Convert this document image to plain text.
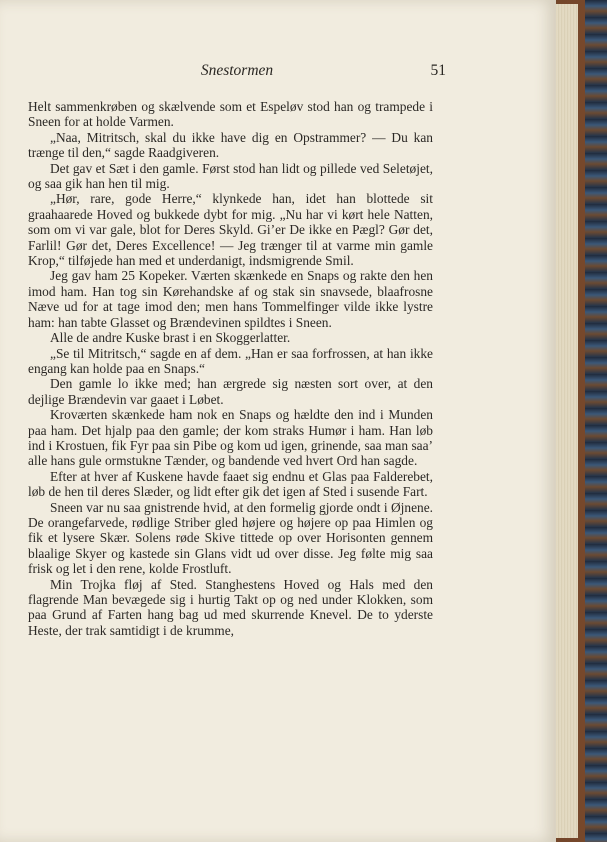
Snestormen	51

Helt sammenkrøben og skælvende som et Espeløv stod han og trampede i Sneen for at holde Varmen.

„Naa, Mitritsch, skal du ikke have dig en Opstrammer? — Du kan trænge til den,“ sagde Raadgiveren.

Det gav et Sæt i den gamle. Først stod han lidt og pillede ved Seletøjet, og saa gik han hen til mig.

„Hør, rare, gode Herre,“ klynkede han, idet han blottede sit graahaarede Hoved og bukkede dybt for mig. „Nu har vi kørt hele Natten, som om vi var gale, blot for Deres Skyld. Gi’er De ikke en Pægl? Gør det, Farlil! Gør det, Deres Excellence! — Jeg trænger til at varme min gamle Krop,“ tilføjede han med et underdanigt, indsmigrende Smil.

Jeg gav ham 25 Kopeker. Værten skænkede en Snaps og rakte den hen imod ham. Han tog sin Kørehandske af og stak sin snavsede, blaafrosne Næve ud for at tage imod den; men hans Tommelfinger vilde ikke lystre ham: han tabte Glasset og Brændevinen spildtes i Sneen.

Alle de andre Kuske brast i en Skoggerlatter.

„Se til Mitritsch,“ sagde en af dem. „Han er saa forfrossen, at han ikke engang kan holde paa en Snaps.“

Den gamle lo ikke med; han ærgrede sig næsten sort over, at den dejlige Brændevin var gaaet i Løbet.

Kroværten skænkede ham nok en Snaps og hældte den ind i Munden paa ham. Det hjalp paa den gamle; der kom straks Humør i ham. Han løb ind i Krostuen, fik Fyr paa sin Pibe og kom ud igen, grinende, saa man saa’ alle hans gule ormstukne Tænder, og bandende ved hvert Ord han sagde.

Efter at hver af Kuskene havde faaet sig endnu et Glas paa Falderebet, løb de hen til deres Slæder, og lidt efter gik det igen af Sted i susende Fart.

Sneen var nu saa gnistrende hvid, at den formelig gjorde ondt i Øjnene. De orangefarvede, rødlige Striber gled højere og højere op paa Himlen og fik et lysere Skær. Solens røde Skive tittede op over Horisonten gennem blaalige Skyer og kastede sin Glans vidt ud over disse. Jeg følte mig saa frisk og let i den rene, kolde Frostluft.

Min Trojka fløj af Sted. Stanghestens Hoved og Hals med den flagrende Man bevægede sig i hurtig Takt op og ned under Klokken, som paa Grund af Farten hang bag ud med skurrende Knevel. De to yderste Heste, der trak samtidigt i de krumme,
